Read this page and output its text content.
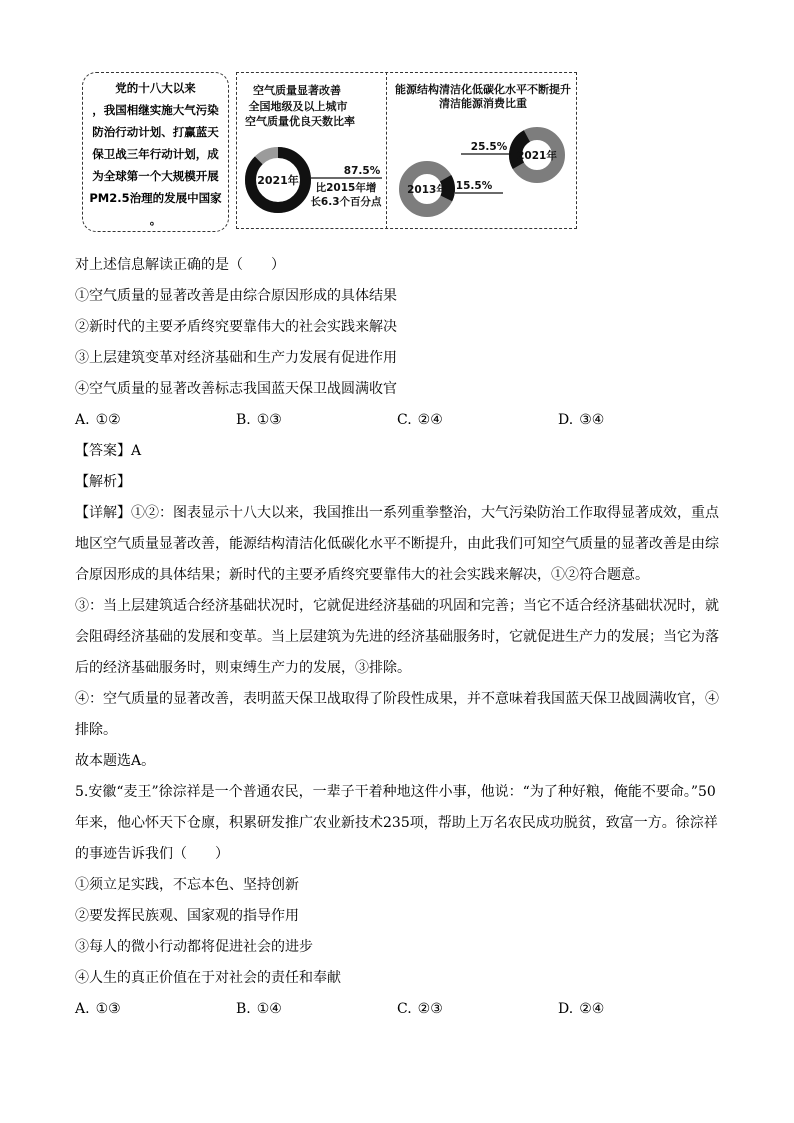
党的十八大以来
，我国相继实施大气污染
防治行动计划、打赢蓝天
保卫战三年行动计划，成
为全球第一个大规模开展
PM2.5治理的发展中国家
。
空气质量显著改善
全国地级及以上城市
空气质量优良天数比率
2021年
87.5%
比2015年增
长6.3个百分点
能源结构清洁化低碳化水平不断提升
清洁能源消费比重
2021年
25.5%
2013年 15.5%
对上述信息解读正确的是（　　）
①空气质量的显著改善是由综合原因形成的具体结果
②新时代的主要矛盾终究要靠伟大的社会实践来解决
③上层建筑变革对经济基础和生产力发展有促进作用
④空气质量的显著改善标志我国蓝天保卫战圆满收官
A. ①②	B. ①③	C. ②④	D. ③④
【答案】A
【解析】
【详解】①②：图表显示十八大以来，我国推出一系列重拳整治，大气污染防治工作取得显著成效，重点
地区空气质量显著改善，能源结构清洁化低碳化水平不断提升，由此我们可知空气质量的显著改善是由综
合原因形成的具体结果；新时代的主要矛盾终究要靠伟大的社会实践来解决，①②符合题意。
③：当上层建筑适合经济基础状况时，它就促进经济基础的巩固和完善；当它不适合经济基础状况时，就
会阻碍经济基础的发展和变革。当上层建筑为先进的经济基础服务时，它就促进生产力的发展；当它为落
后的经济基础服务时，则束缚生产力的发展，③排除。
④：空气质量的显著改善，表明蓝天保卫战取得了阶段性成果，并不意味着我国蓝天保卫战圆满收官，④
排除。
故本题选A。
5.安徽“麦王”徐淙祥是一个普通农民，一辈子干着种地这件小事，他说：“为了种好粮，俺能不要命。”50
年来，他心怀天下仓廪，积累研发推广农业新技术235项，帮助上万名农民成功脱贫，致富一方。徐淙祥
的事迹告诉我们（　　）
①须立足实践，不忘本色、坚持创新
②要发挥民族观、国家观的指导作用
③每人的微小行动都将促进社会的进步
④人生的真正价值在于对社会的责任和奉献
A. ①③	B. ①④	C. ②③	D. ②④
